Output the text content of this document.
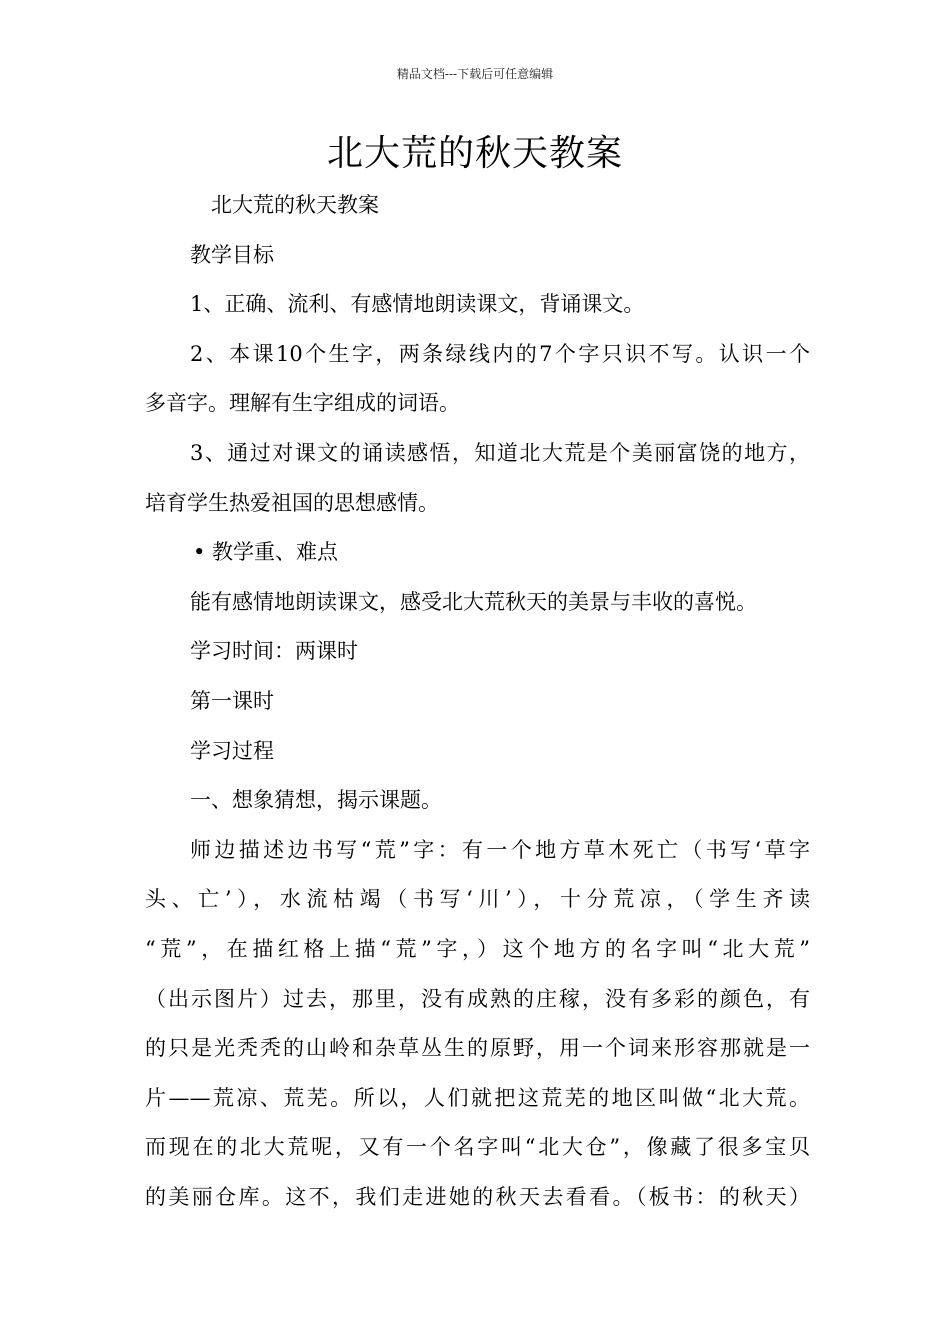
精品文档---下载后可任意编辑
北大荒的秋天教案
北大荒的秋天教案
教学目标
1、正确、流利、有感情地朗读课文，背诵课文。
2、本课10个生字，两条绿线内的7个字只识不写。认识一个
多音字。理解有生字组成的词语。
3、通过对课文的诵读感悟，知道北大荒是个美丽富饶的地方，
培育学生热爱祖国的思想感情。
• 教学重、难点
能有感情地朗读课文，感受北大荒秋天的美景与丰收的喜悦。
学习时间：两课时
第一课时
学习过程
一、想象猜想，揭示课题。
师边描述边书写“荒”字：有一个地方草木死亡（书写‘草字
头、亡’），水流枯竭（书写‘川’），十分荒凉，（学生齐读
“荒”，在描红格上描“荒”字，）这个地方的名字叫“北大荒”
（出示图片）过去，那里，没有成熟的庄稼，没有多彩的颜色，有
的只是光秃秃的山岭和杂草丛生的原野，用一个词来形容那就是一
片——荒凉、荒芜。所以，人们就把这荒芜的地区叫做“北大荒。
而现在的北大荒呢，又有一个名字叫“北大仓”，像藏了很多宝贝
的美丽仓库。这不，我们走进她的秋天去看看。（板书：的秋天）
